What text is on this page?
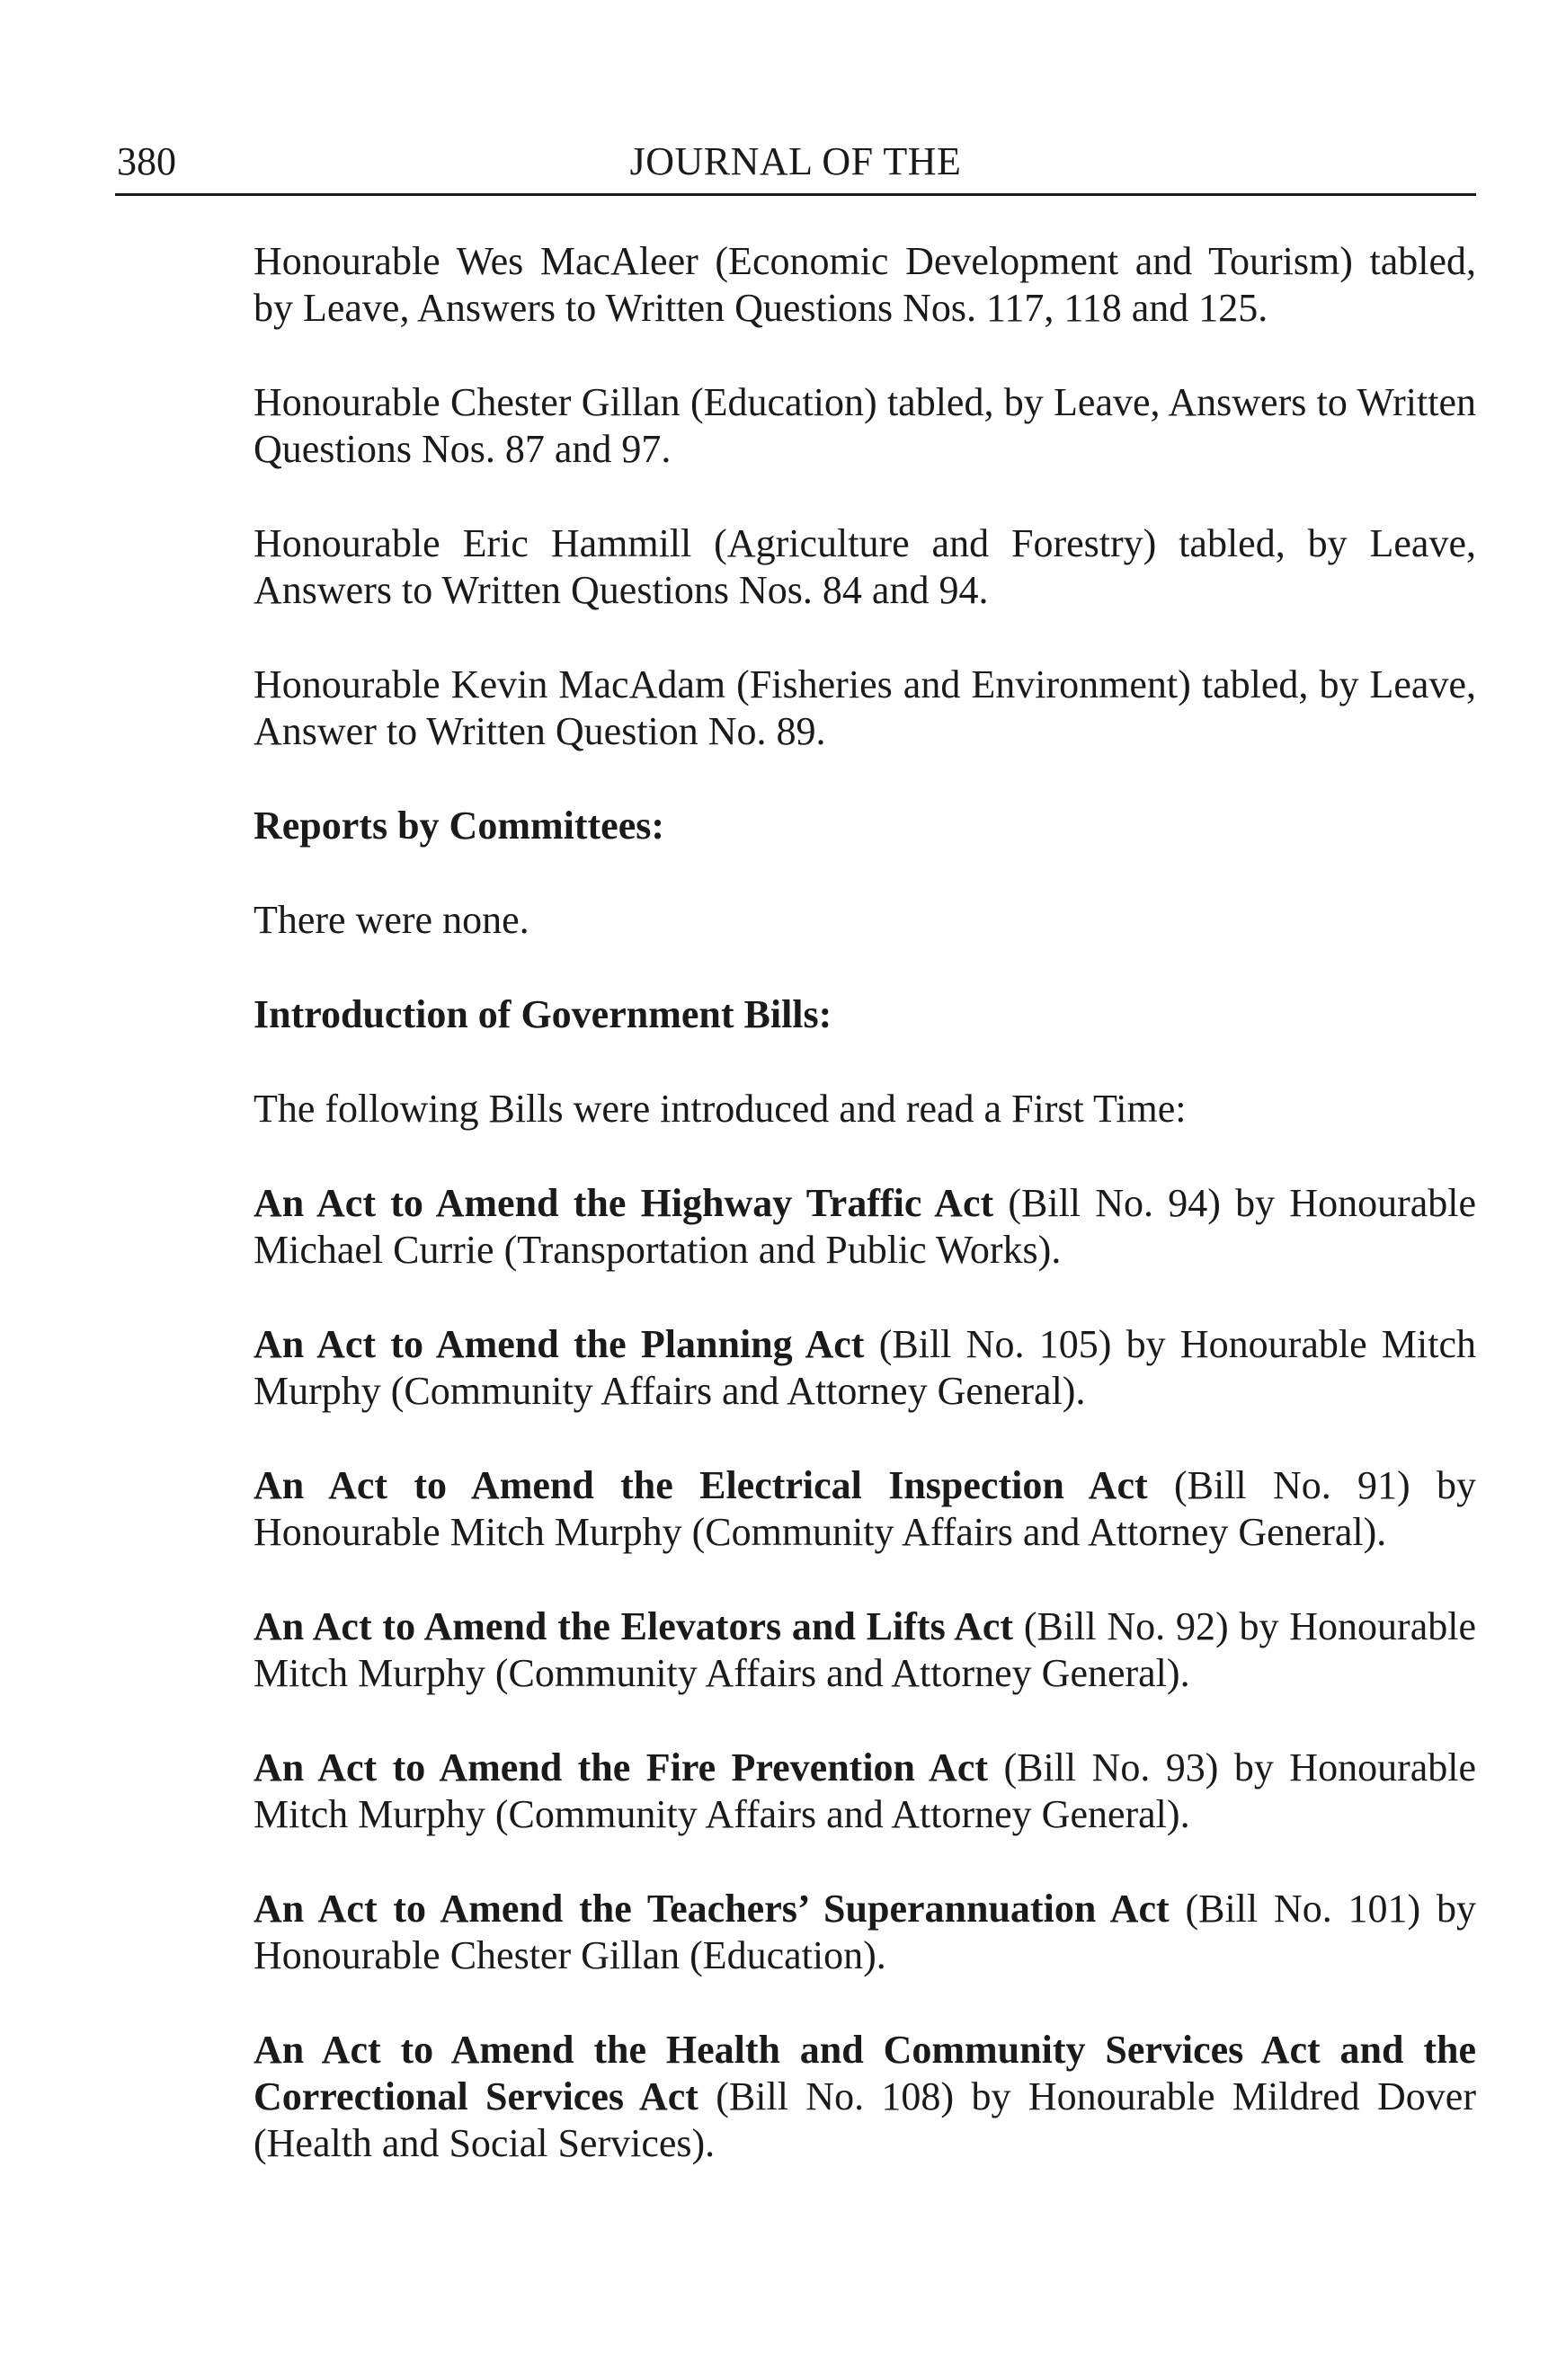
380	JOURNAL OF THE

Honourable Wes MacAleer (Economic Development and Tourism) tabled, by Leave, Answers to Written Questions Nos. 117, 118 and 125.

Honourable Chester Gillan (Education) tabled, by Leave, Answers to Written Questions Nos. 87 and 97.

Honourable Eric Hammill (Agriculture and Forestry) tabled, by Leave, Answers to Written Questions Nos. 84 and 94.

Honourable Kevin MacAdam (Fisheries and Environment) tabled, by Leave, Answer to Written Question No. 89.

Reports by Committees:

There were none.

Introduction of Government Bills:

The following Bills were introduced and read a First Time:

An Act to Amend the Highway Traffic Act (Bill No. 94) by Honourable Michael Currie (Transportation and Public Works).

An Act to Amend the Planning Act (Bill No. 105) by Honourable Mitch Murphy (Community Affairs and Attorney General).

An Act to Amend the Electrical Inspection Act (Bill No. 91) by Honourable Mitch Murphy (Community Affairs and Attorney General).

An Act to Amend the Elevators and Lifts Act (Bill No. 92) by Honourable Mitch Murphy (Community Affairs and Attorney General).

An Act to Amend the Fire Prevention Act (Bill No. 93) by Honourable Mitch Murphy (Community Affairs and Attorney General).

An Act to Amend the Teachers’ Superannuation Act (Bill No. 101) by Honourable Chester Gillan (Education).

An Act to Amend the Health and Community Services Act and the Correctional Services Act (Bill No. 108) by Honourable Mildred Dover (Health and Social Services).
